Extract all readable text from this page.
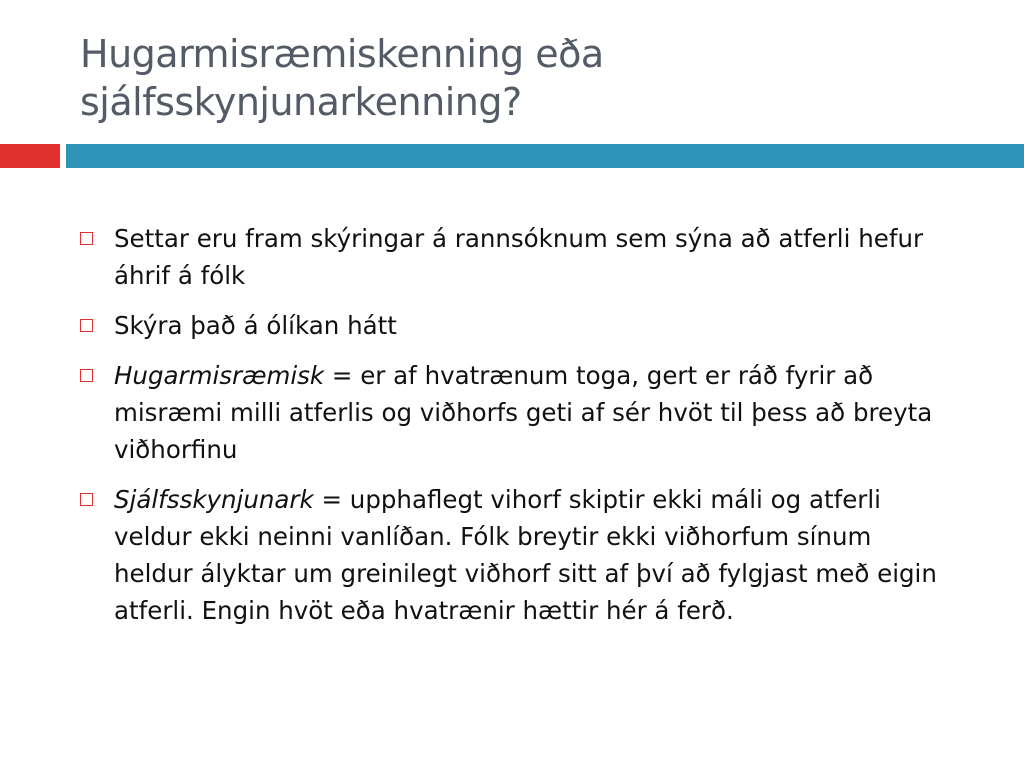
Hugarmisræmiskenning eða
sjálfsskynjunarkenning?
Settar eru fram skýringar á rannsóknum sem sýna að atferli hefur áhrif á fólk
Skýra það á ólíkan hátt
Hugarmisræmisk = er af hvatrænum toga, gert er ráð fyrir að misræmi milli atferlis og viðhorfs geti af sér hvöt til þess að breyta viðhorfinu
Sjálfsskynjunark = upphaflegt vihorf skiptir ekki máli og atferli veldur ekki neinni vanlíðan. Fólk breytir ekki viðhorfum sínum heldur ályktar um greinilegt viðhorf sitt af því að fylgjast með eigin atferli. Engin hvöt eða hvatrænir hættir hér á ferð.
